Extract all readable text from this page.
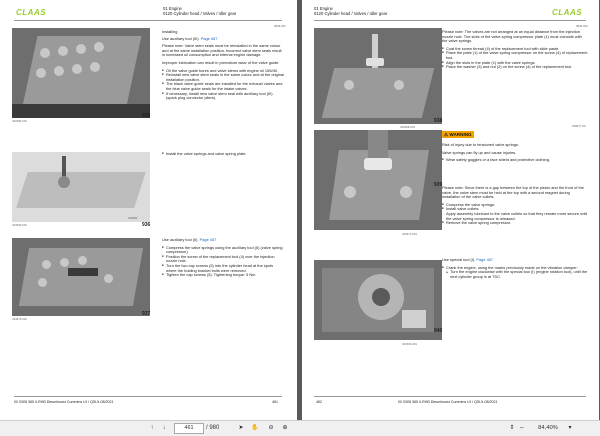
CLAAS	01 Engine
0120 Cylinder head / Valves / Idler gear
3843-001
431586-001
935
108680
434369-001	936
434372-001
937

Installing

Use auxiliary tool (III). Page 457

Please note: Valve stem seals must be reinstalled in the same colour and at the same installation position. Incorrect valve stem seals result in increased oil consumption and internal engine damage.

Improper lubrication can result in premature wear of the valve guide.

■ Oil the valve guide bores and valve stems with engine oil 15W40.

■ Reinstall new valve stem seals in the same colour and at the original installation position.

■ The black valve guide seals are installed for the exhaust valves and the blue valve guide seals for the intake valves.

■ If necessary, install new valve stem seal with auxiliary tool (III) (spark plug connector pliers).

■ Install the valve springs and valve spring plate.

Use auxiliary tool (II). Page 457

■ Compress the valve springs using the auxiliary tool (II) (valve spring compressor).

■ Position the screw of the replacement tool (4) over the injection nozzle hole.

■ Turn the two cap screws (5) into the cylinder head at the spots where the holding bracket bolts were removed.

■ Tighten the cap screws (5). Tightening torque: 5 Nm

00 0305 365 0-RHB Dieselmotor Cummins L9 / QSL9-08/2021	461
01 Engine
0120 Cylinder head / Valves / Idler gear	CLAAS
3843-001
434368-001
938
238677-00
434371-001
939
431584-001
940

Please note: The valves are not arranged at an equal distance from the injection nozzle hole. The slots of the valve spring compressor plate (1) must coincide with the valve springs.

■ Coat the screw thread (4) of the replacement tool with slide paste.

■ Place the plate (1) of the valve spring compressor on the screw (4) of replacement tool.

■ Align the slots in the plate (1) with the valve springs.

■ Place the washer (3) and nut (2) on the screw (4) of the replacement tool.

⚠ WARNING

Risk of injury due to tensioned valve springs.

Valve springs can fly up and cause injuries.

■ Wear safety goggles or a face shield and protective clothing.

Please note: Since there is a gap between the top of the piston and the front of the valve, the valve stem must be held at the top with a second magnet during installation of the valve collets.

■ Compress the valve springs.

■ Install valve collets.

Apply assembly lubricant to the valve collets so that they remain more secure until the valve spring compressor is released.

■ Remove the valve spring compressor.

Use special tool (I). Page 457

■ Crank the engine, using the marks previously made on the vibration damper:

► Turn the engine clockwise with the special tool (I) (engine rotation tool), until the next cylinder group is at TDC.

462	00 0305 365 0-RHB Dieselmotor Cummins L9 / QSL9-08/2021
↑	↓	461	/ 980	➤	✋	⊖	⊕	⇕ ⇔	84,40%	▾
